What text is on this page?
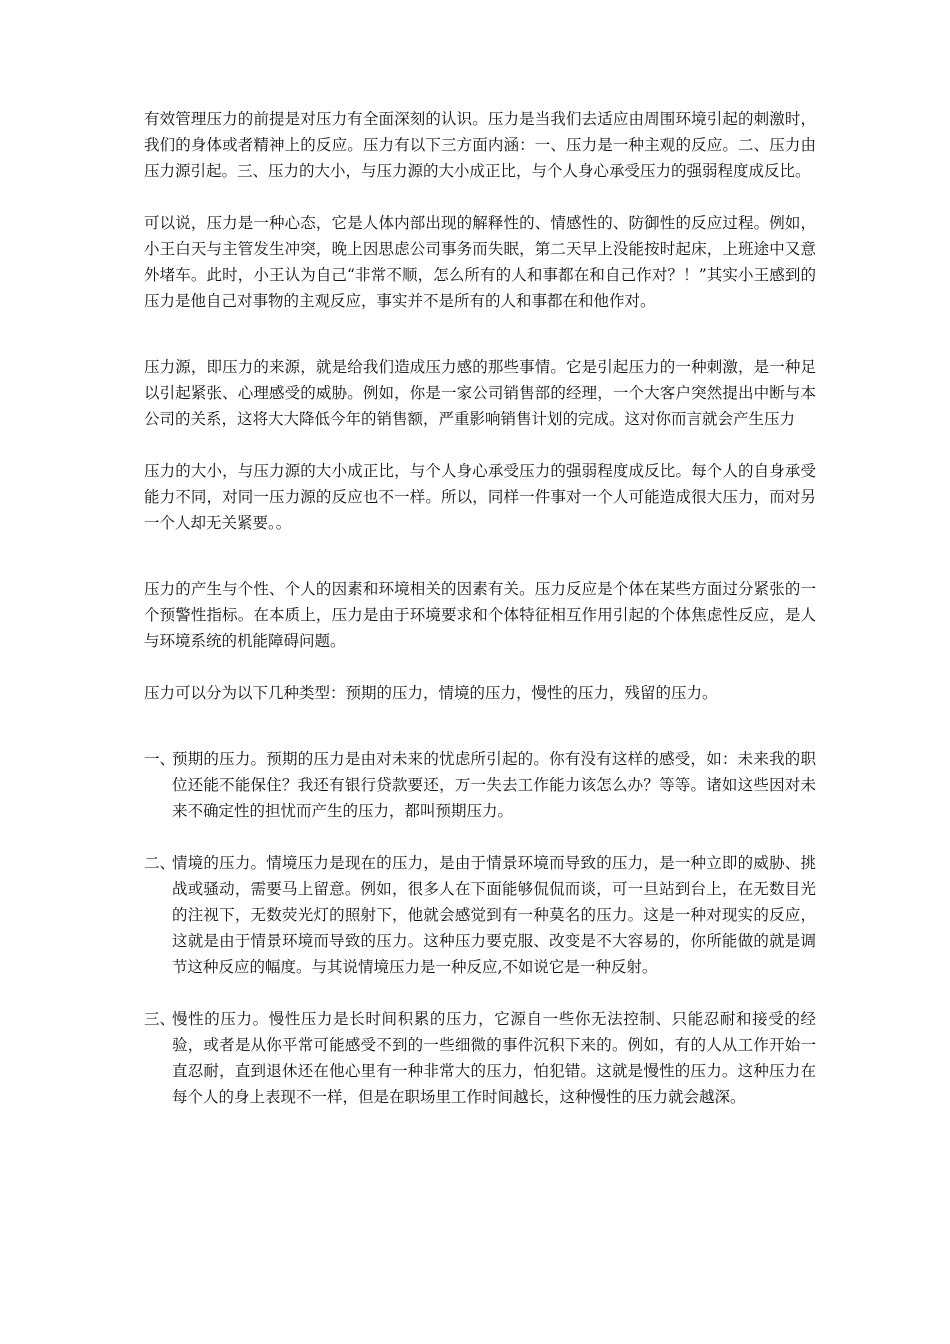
有效管理压力的前提是对压力有全面深刻的认识。压力是当我们去适应由周围环境引起的刺激时，我们的身体或者精神上的反应。压力有以下三方面内涵：一、压力是一种主观的反应。二、压力由压力源引起。三、压力的大小，与压力源的大小成正比，与个人身心承受压力的强弱程度成反比。

可以说，压力是一种心态，它是人体内部出现的解释性的、情感性的、防御性的反应过程。例如，小王白天与主管发生冲突，晚上因思虑公司事务而失眠，第二天早上没能按时起床，上班途中又意外堵车。此时，小王认为自己“非常不顺，怎么所有的人和事都在和自己作对？！”其实小王感到的压力是他自己对事物的主观反应，事实并不是所有的人和事都在和他作对。

压力源，即压力的来源，就是给我们造成压力感的那些事情。它是引起压力的一种刺激，是一种足以引起紧张、心理感受的威胁。例如，你是一家公司销售部的经理，一个大客户突然提出中断与本公司的关系，这将大大降低今年的销售额，严重影响销售计划的完成。这对你而言就会产生压力

压力的大小，与压力源的大小成正比，与个人身心承受压力的强弱程度成反比。每个人的自身承受能力不同，对同一压力源的反应也不一样。所以，同样一件事对一个人可能造成很大压力，而对另一个人却无关紧要。。

压力的产生与个性、个人的因素和环境相关的因素有关。压力反应是个体在某些方面过分紧张的一个预警性指标。在本质上，压力是由于环境要求和个体特征相互作用引起的个体焦虑性反应，是人与环境系统的机能障碍问题。

压力可以分为以下几种类型：预期的压力，情境的压力，慢性的压力，残留的压力。

一、
预期的压力。预期的压力是由对未来的忧虑所引起的。你有没有这样的感受，如：未来我的职位还能不能保住？我还有银行贷款要还，万一失去工作能力该怎么办？等等。诸如这些因对未来不确定性的担忧而产生的压力，都叫预期压力。
二、
情境的压力。情境压力是现在的压力，是由于情景环境而导致的压力，是一种立即的威胁、挑战或骚动，需要马上留意。例如，很多人在下面能够侃侃而谈，可一旦站到台上，在无数目光的注视下，无数荧光灯的照射下，他就会感觉到有一种莫名的压力。这是一种对现实的反应，这就是由于情景环境而导致的压力。这种压力要克服、改变是不大容易的，你所能做的就是调节这种反应的幅度。与其说情境压力是一种反应,不如说它是一种反射。
三、
慢性的压力。慢性压力是长时间积累的压力，它源自一些你无法控制、只能忍耐和接受的经验，或者是从你平常可能感受不到的一些细微的事件沉积下来的。例如，有的人从工作开始一直忍耐，直到退休还在他心里有一种非常大的压力，怕犯错。这就是慢性的压力。这种压力在每个人的身上表现不一样，但是在职场里工作时间越长，这种慢性的压力就会越深。
